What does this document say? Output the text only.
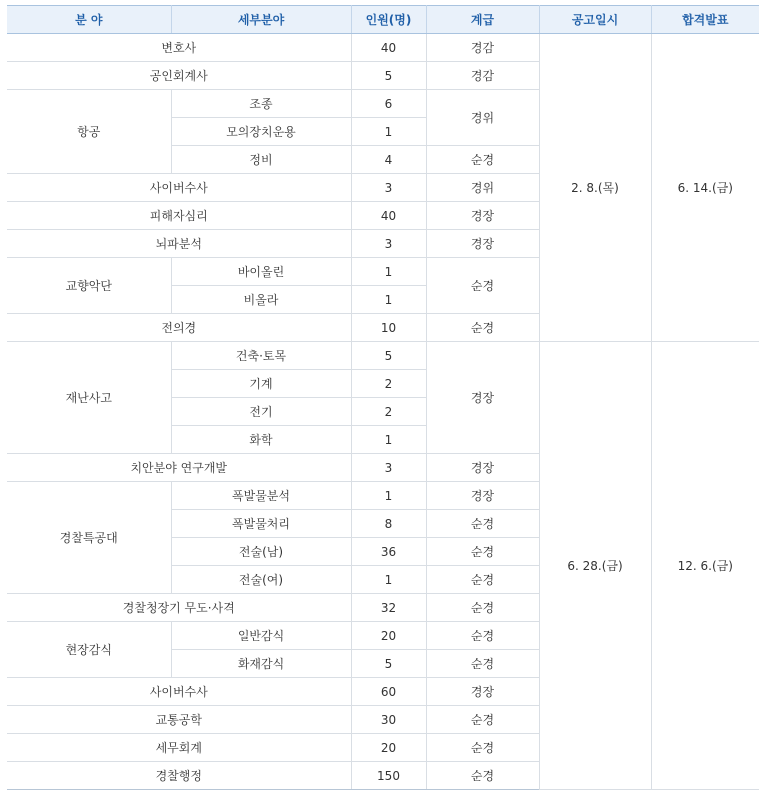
분 야	세부분야	인원(명)	계급	공고일시	합격발표
변호사		40	경감	2. 8.(목)	6. 14.(금)
공인회계사		5	경감		
항공	조종	6	경위		
	모의장치운용	1			
	정비	4	순경		
사이버수사		3	경위		
피해자심리		40	경장		
뇌파분석		3	경장		
교향악단	바이올린	1	순경		
	비올라	1			
전의경		10	순경		
재난사고	건축·토목	5	경장	6. 28.(금)	12. 6.(금)
	기계	2			
	전기	2			
	화학	1			
치안분야 연구개발		3	경장		
경찰특공대	폭발물분석	1	경장		
	폭발물처리	8	순경		
	전술(남)	36	순경		
	전술(여)	1	순경		
경찰청장기 무도·사격		32	순경		
현장감식	일반감식	20	순경		
	화재감식	5	순경		
사이버수사		60	경장		
교통공학		30	순경		
세무회계		20	순경		
경찰행정		150	순경		
